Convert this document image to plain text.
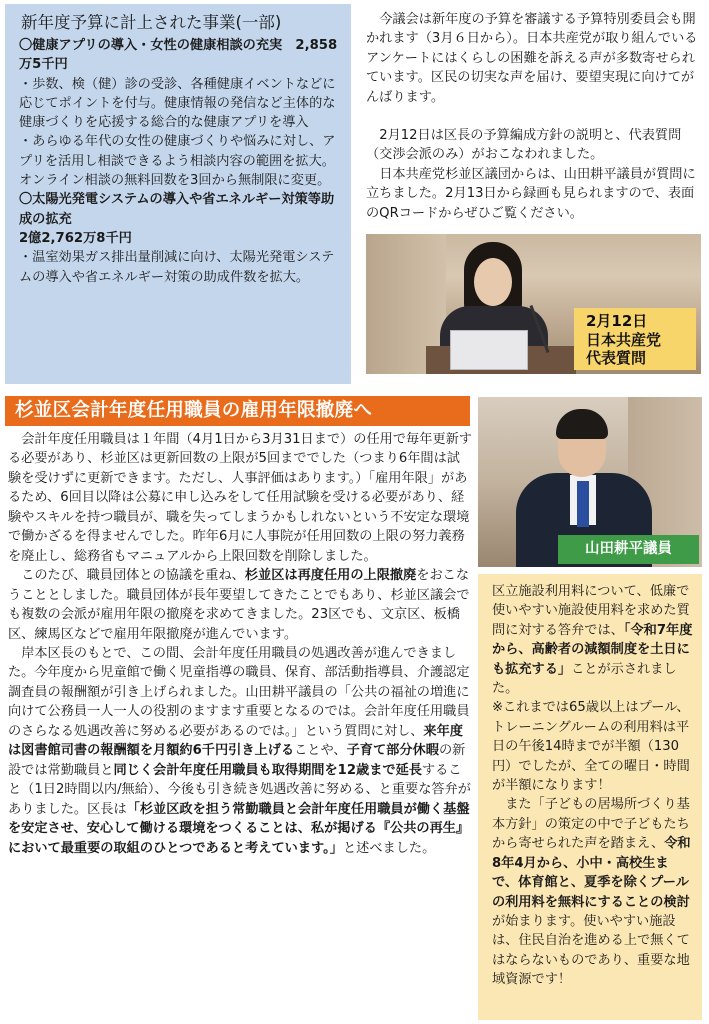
新年度予算に計上された事業(一部)
〇健康アプリの導入・女性の健康相談の充実　2,858万5千円
・歩数、検（健）診の受診、各種健康イベントなどに応じてポイントを付与。健康情報の発信など主体的な健康づくりを応援する総合的な健康アプリを導入
・あらゆる年代の女性の健康づくりや悩みに対し、アプリを活用し相談できるよう相談内容の範囲を拡大。オンライン相談の無料回数を3回から無制限に変更。
〇太陽光発電システムの導入や省エネルギー対策等助成の拡充
2億2,762万8千円
・温室効果ガス排出量削減に向け、太陽光発電システムの導入や省エネルギー対策の助成件数を拡大。

今議会は新年度の予算を審議する予算特別委員会も開かれます（3月６日から）。日本共産党が取り組んでいるアンケートにはくらしの困難を訴える声が多数寄せられています。区民の切実な声を届け、要望実現に向けてがんばります。

2月12日は区長の予算編成方針の説明と、代表質問（交渉会派のみ）がおこなわれました。

日本共産党杉並区議団からは、山田耕平議員が質問に立ちました。2月13日から録画も見られますので、表面のQRコードからぜひご覧ください。

2月12日
日本共産党
代表質問
杉並区会計年度任用職員の雇用年限撤廃へ

会計年度任用職員は１年間（4月1日から3月31日まで）の任用で毎年更新する必要があり、杉並区は更新回数の上限が5回まででした（つまり6年間は試験を受けずに更新できます。ただし、人事評価はあります。）「雇用年限」があるため、6回目以降は公募に申し込みをして任用試験を受ける必要があり、経験やスキルを持つ職員が、職を失ってしまうかもしれないという不安定な環境で働かざるを得ませんでした。昨年6月に人事院が任用回数の上限の努力義務を廃止し、総務省もマニュアルから上限回数を削除しました。

このたび、職員団体との協議を重ね、杉並区は再度任用の上限撤廃をおこなうこととしました。職員団体が長年要望してきたことでもあり、杉並区議会でも複数の会派が雇用年限の撤廃を求めてきました。23区でも、文京区、板橋区、練馬区などで雇用年限撤廃が進んでいます。

岸本区長のもとで、この間、会計年度任用職員の処遇改善が進んできました。今年度から児童館で働く児童指導の職員、保育、部活動指導員、介護認定調査員の報酬額が引き上げられました。山田耕平議員の「公共の福祉の増進に向けて公務員一人一人の役割のますます重要となるのでは。会計年度任用職員のさらなる処遇改善に努める必要があるのでは。」という質問に対し、来年度は図書館司書の報酬額を月額約6千円引き上げることや、子育て部分休暇の新設では常勤職員と同じく会計年度任用職員も取得期間を12歳まで延長すること（1日2時間以内/無給）、今後も引き続き処遇改善に努める、と重要な答弁がありました。区長は「杉並区政を担う常勤職員と会計年度任用職員が働く基盤を安定させ、安心して働ける環境をつくることは、私が掲げる『公共の再生』において最重要の取組のひとつであると考えています。」と述べました。

山田耕平議員

区立施設利用料について、低廉で使いやすい施設使用料を求めた質問に対する答弁では、「令和7年度から、高齢者の減額制度を土日にも拡充する」ことが示されました。

※これまでは65歳以上はプール、トレーニングルームの利用料は平日の午後14時までが半額（130円）でしたが、全ての曜日・時間が半額になります！

また「子どもの居場所づくり基本方針」の策定の中で子どもたちから寄せられた声を踏まえ、令和8年4月から、小中・高校生まで、体育館と、夏季を除くプールの利用料を無料にすることの検討が始まります。使いやすい施設は、住民自治を進める上で無くてはならないものであり、重要な地域資源です！
